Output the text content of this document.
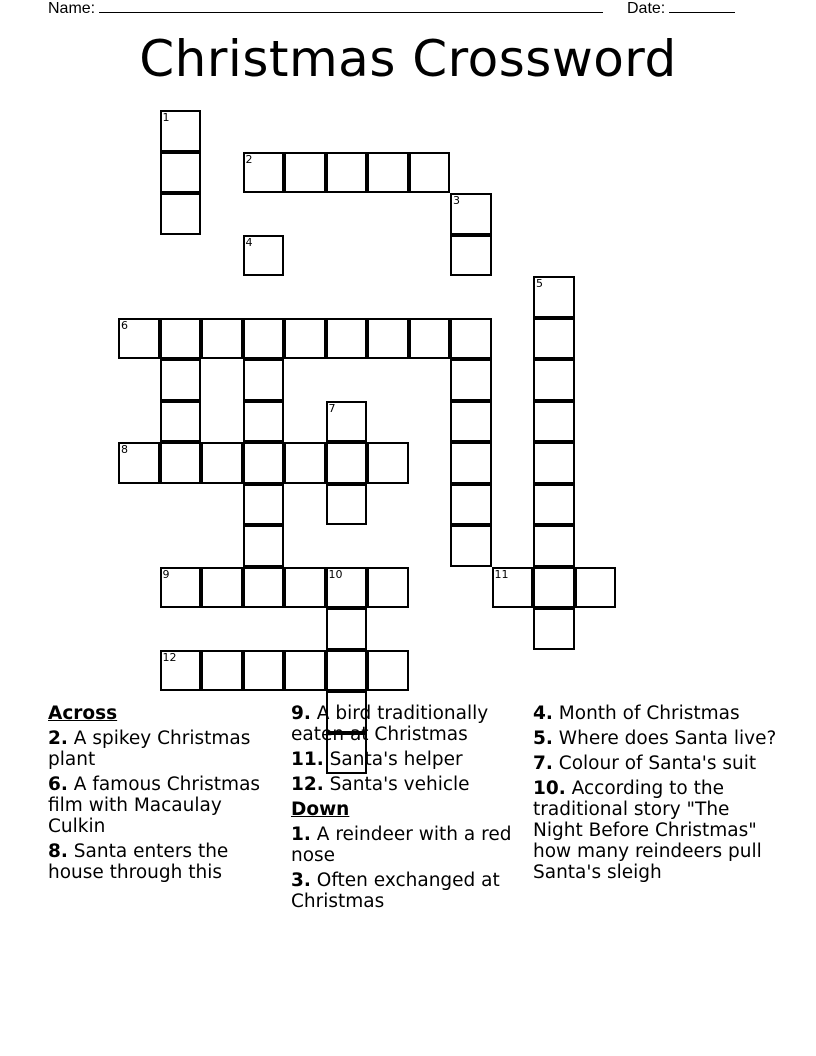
Name:	Date:
Christmas Crossword
1
2
3
4
5
6
7
8
9	10	11
12
Across
2. A spikey Christmas plant
6. A famous Christmas film with Macaulay Culkin
8. Santa enters the house through this
9. A bird traditionally eaten at Christmas
11. Santa's helper
12. Santa's vehicle
Down
1. A reindeer with a red nose
3. Often exchanged at Christmas
4. Month of Christmas
5. Where does Santa live?
7. Colour of Santa's suit
10. According to the traditional story "The Night Before Christmas" how many reindeers pull Santa's sleigh
